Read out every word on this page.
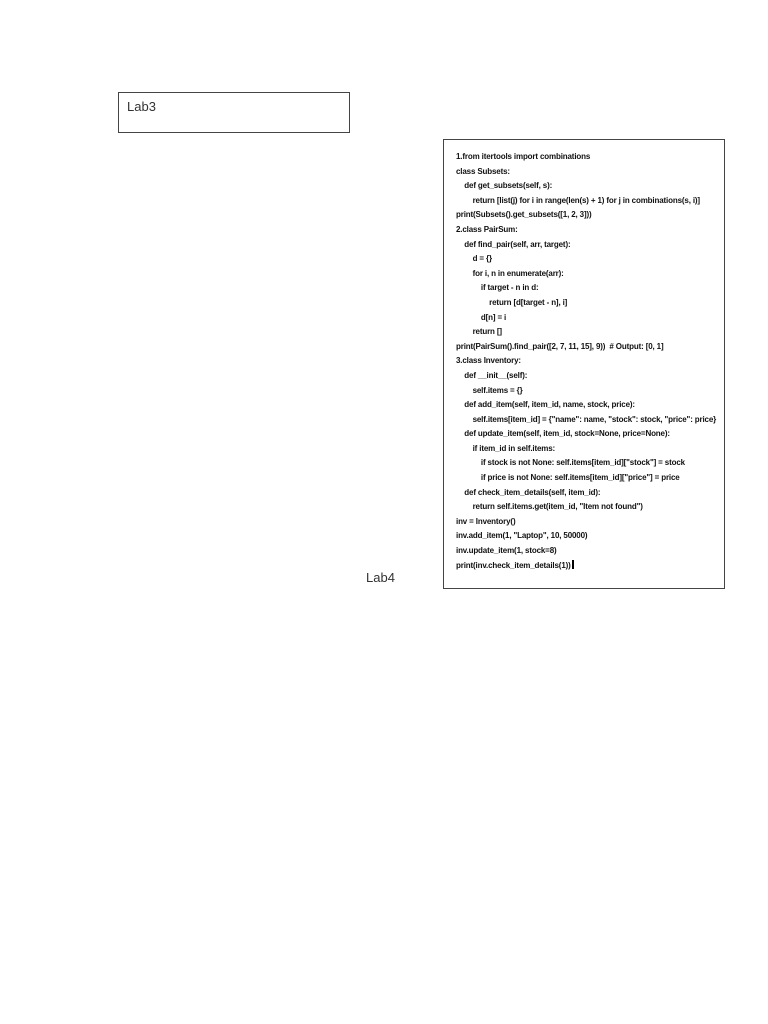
Lab3
Lab4
1.from itertools import combinations
class Subsets:
def get_subsets(self, s):
return [list(j) for i in range(len(s) + 1) for j in combinations(s, i)]
print(Subsets().get_subsets([1, 2, 3]))
2.class PairSum:
def find_pair(self, arr, target):
d = {}
for i, n in enumerate(arr):
if target - n in d:
return [d[target - n], i]
d[n] = i
return []
print(PairSum().find_pair([2, 7, 11, 15], 9))  # Output: [0, 1]
3.class Inventory:
def __init__(self):
self.items = {}
def add_item(self, item_id, name, stock, price):
self.items[item_id] = {"name": name, "stock": stock, "price": price}
def update_item(self, item_id, stock=None, price=None):
if item_id in self.items:
if stock is not None: self.items[item_id]["stock"] = stock
if price is not None: self.items[item_id]["price"] = price
def check_item_details(self, item_id):
return self.items.get(item_id, "Item not found")
inv = Inventory()
inv.add_item(1, "Laptop", 10, 50000)
inv.update_item(1, stock=8)
print(inv.check_item_details(1))
